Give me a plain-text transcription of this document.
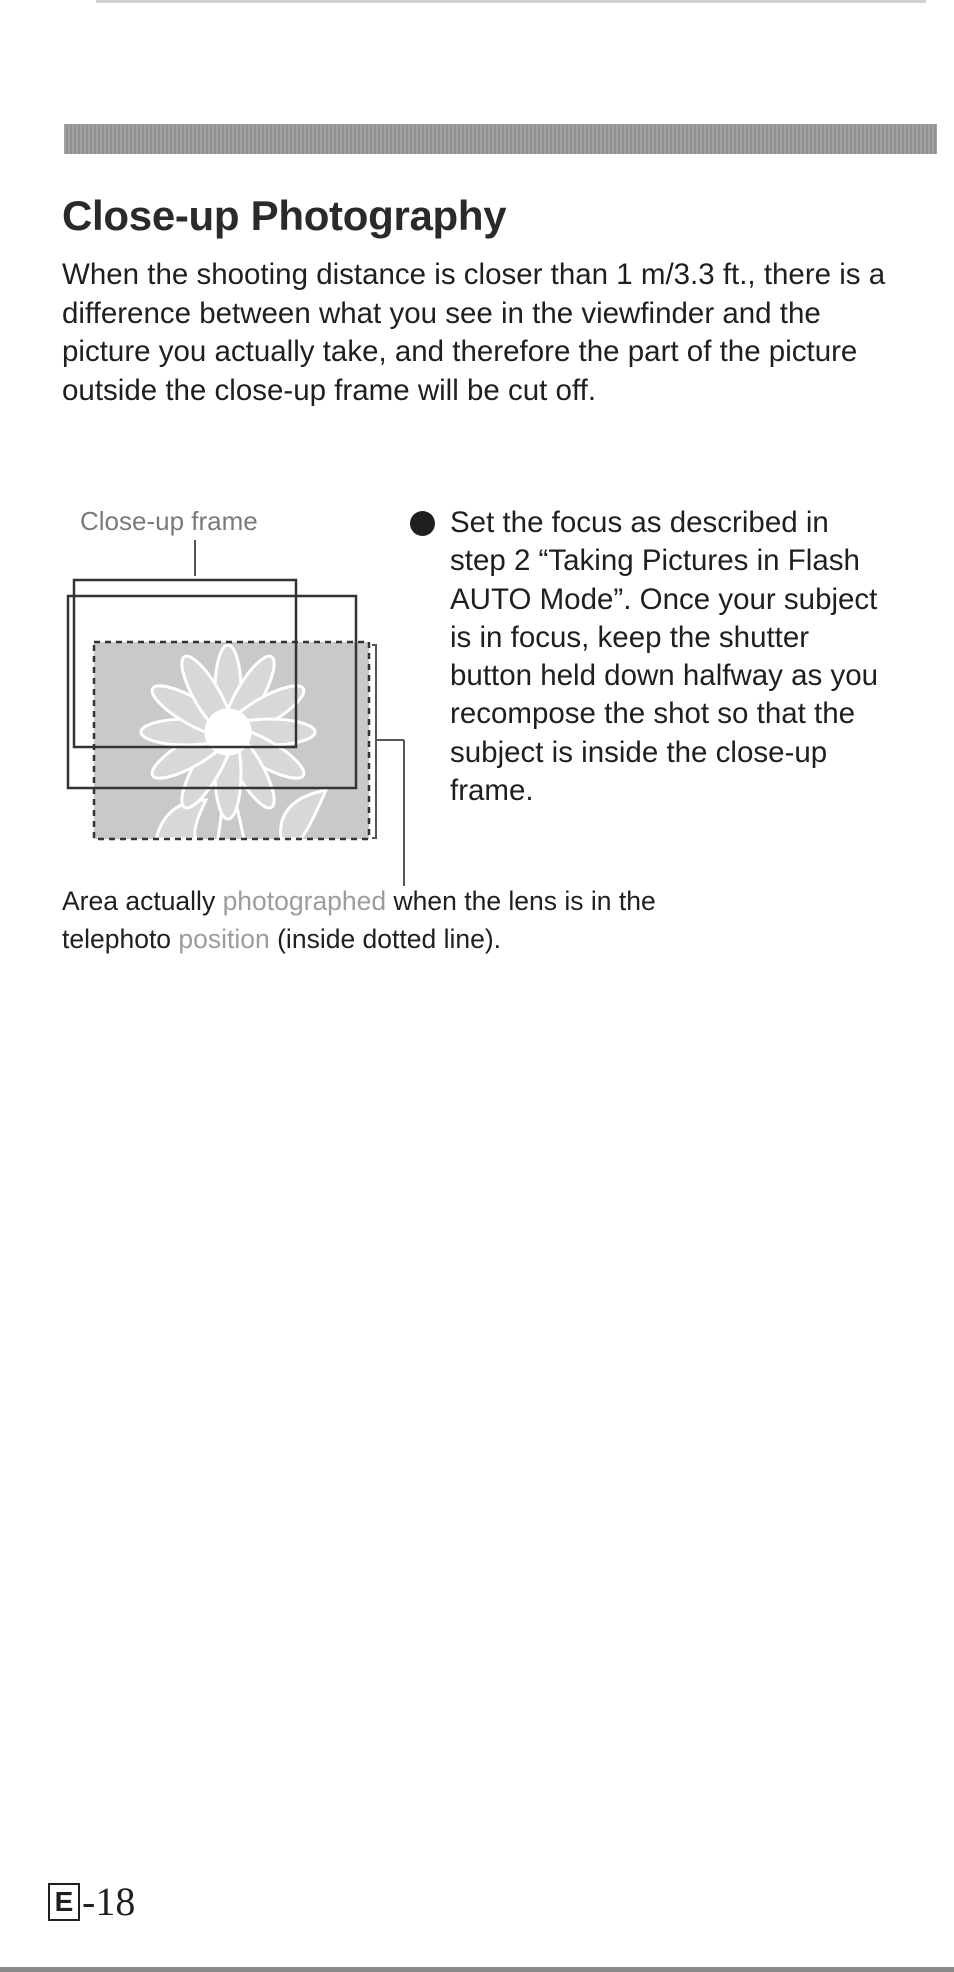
Close-up Photography

When the shooting distance is closer than 1 m/3.3 ft., there is a difference between what you see in the viewfinder and the picture you actually take, and therefore the part of the picture outside the close-up frame will be cut off.

Close-up frame

Area actually photographed when the lens is in the telephoto position (inside dotted line).

Set the focus as described in step 2 “Taking Pictures in Flash AUTO Mode”. Once your subject is in focus, keep the shutter button held down halfway as you recompose the shot so that the subject is inside the close-up frame.

E -18
